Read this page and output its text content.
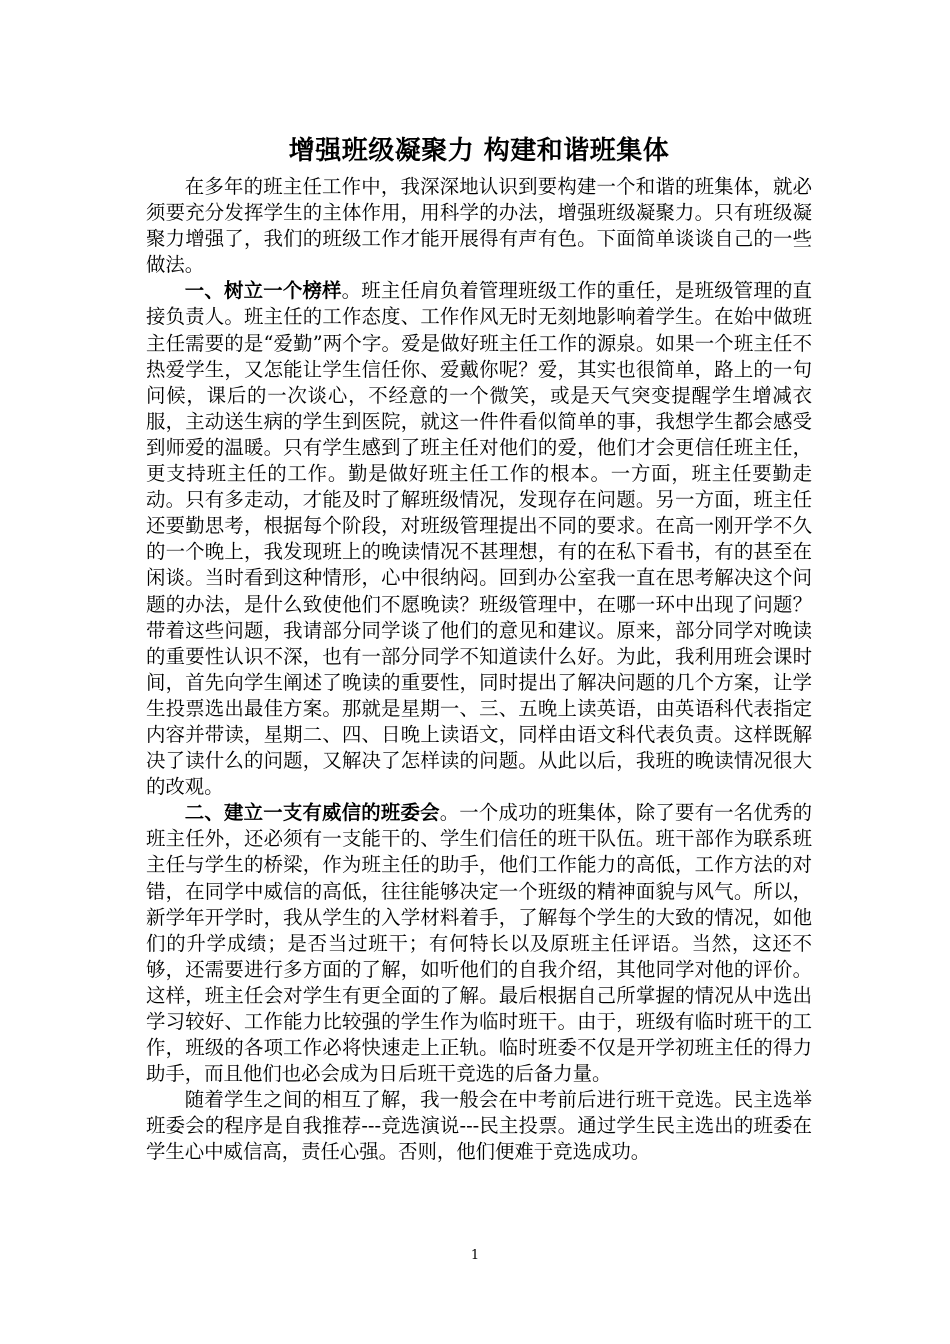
增强班级凝聚力 构建和谐班集体

在多年的班主任工作中，我深深地认识到要构建一个和谐的班集体，就必须要充分发挥学生的主体作用，用科学的办法，增强班级凝聚力。只有班级凝聚力增强了，我们的班级工作才能开展得有声有色。下面简单谈谈自己的一些做法。

一、树立一个榜样。班主任肩负着管理班级工作的重任，是班级管理的直接负责人。班主任的工作态度、工作作风无时无刻地影响着学生。在始中做班主任需要的是“爱勤”两个字。爱是做好班主任工作的源泉。如果一个班主任不热爱学生，又怎能让学生信任你、爱戴你呢？爱，其实也很简单，路上的一句问候，课后的一次谈心，不经意的一个微笑，或是天气突变提醒学生增减衣服，主动送生病的学生到医院，就这一件件看似简单的事，我想学生都会感受到师爱的温暖。只有学生感到了班主任对他们的爱，他们才会更信任班主任，更支持班主任的工作。勤是做好班主任工作的根本。一方面，班主任要勤走动。只有多走动，才能及时了解班级情况，发现存在问题。另一方面，班主任还要勤思考，根据每个阶段，对班级管理提出不同的要求。在高一刚开学不久的一个晚上，我发现班上的晚读情况不甚理想，有的在私下看书，有的甚至在闲谈。当时看到这种情形，心中很纳闷。回到办公室我一直在思考解决这个问题的办法，是什么致使他们不愿晚读？班级管理中，在哪一环中出现了问题？带着这些问题，我请部分同学谈了他们的意见和建议。原来，部分同学对晚读的重要性认识不深，也有一部分同学不知道读什么好。为此，我利用班会课时间，首先向学生阐述了晚读的重要性，同时提出了解决问题的几个方案，让学生投票选出最佳方案。那就是星期一、三、五晚上读英语，由英语科代表指定内容并带读，星期二、四、日晚上读语文，同样由语文科代表负责。这样既解决了读什么的问题，又解决了怎样读的问题。从此以后，我班的晚读情况很大的改观。

二、建立一支有威信的班委会。一个成功的班集体，除了要有一名优秀的班主任外，还必须有一支能干的、学生们信任的班干队伍。班干部作为联系班主任与学生的桥梁，作为班主任的助手，他们工作能力的高低，工作方法的对错，在同学中威信的高低，往往能够决定一个班级的精神面貌与风气。所以，新学年开学时，我从学生的入学材料着手，了解每个学生的大致的情况，如他们的升学成绩；是否当过班干；有何特长以及原班主任评语。当然，这还不够，还需要进行多方面的了解，如听他们的自我介绍，其他同学对他的评价。这样，班主任会对学生有更全面的了解。最后根据自己所掌握的情况从中选出学习较好、工作能力比较强的学生作为临时班干。由于，班级有临时班干的工作，班级的各项工作必将快速走上正轨。临时班委不仅是开学初班主任的得力助手，而且他们也必会成为日后班干竞选的后备力量。

随着学生之间的相互了解，我一般会在中考前后进行班干竞选。民主选举班委会的程序是自我推荐---竞选演说---民主投票。通过学生民主选出的班委在学生心中威信高，责任心强。否则，他们便难于竞选成功。

1
